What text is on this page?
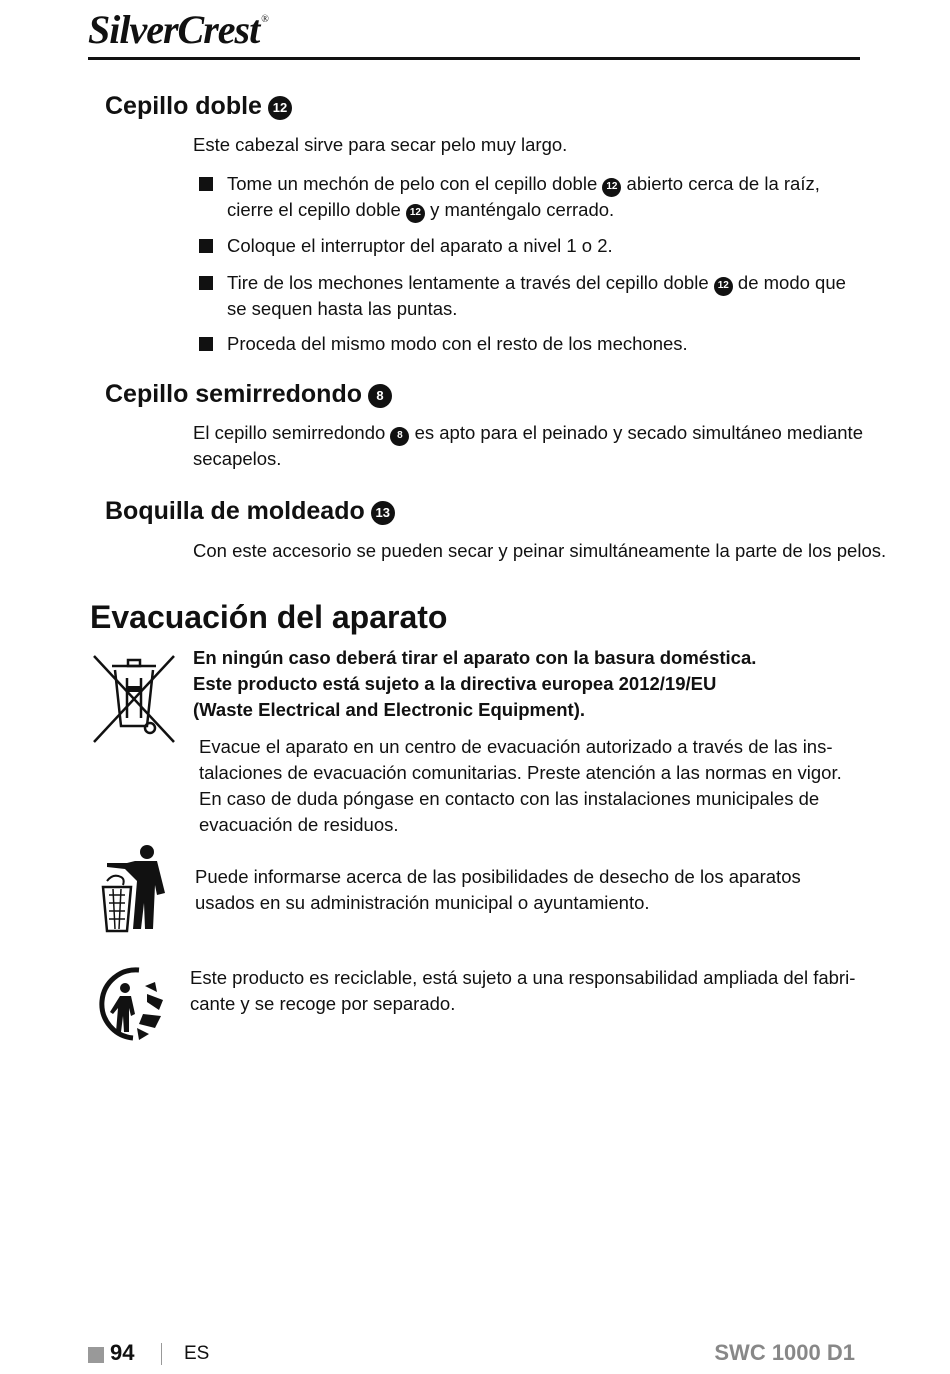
SilverCrest ®
Cepillo doble 12

Este cabezal sirve para secar pelo muy largo.

Tome un mechón de pelo con el cepillo doble 12 abierto cerca de la raíz,

cierre el cepillo doble 12 y manténgalo cerrado.

Coloque el interruptor del aparato a nivel 1 o 2.

Tire de los mechones lentamente a través del cepillo doble 12 de modo que

se sequen hasta las puntas.

Proceda del mismo modo con el resto de los mechones.

Cepillo semirredondo 8

El cepillo semirredondo 8 es apto para el peinado y secado simultáneo mediante

secapelos.

Boquilla de moldeado 13

Con este accesorio se pueden secar y peinar simultáneamente la parte de los pelos.

Evacuación del aparato

En ningún caso deberá tirar el aparato con la basura doméstica.

Este producto está sujeto a la directiva europea 2012/19/EU

(Waste Electrical and Electronic Equipment).

Evacue el aparato en un centro de evacuación autorizado a través de las ins-

talaciones de evacuación comunitarias. Preste atención a las normas en vigor.

En caso de duda póngase en contacto con las instalaciones municipales de

evacuación de residuos.

Puede informarse acerca de las posibilidades de desecho de los aparatos

usados en su administración municipal o ayuntamiento.

Este producto es reciclable, está sujeto a una responsabilidad ampliada del fabri-

cante y se recoge por separado.

94	ES	SWC 1000 D1
